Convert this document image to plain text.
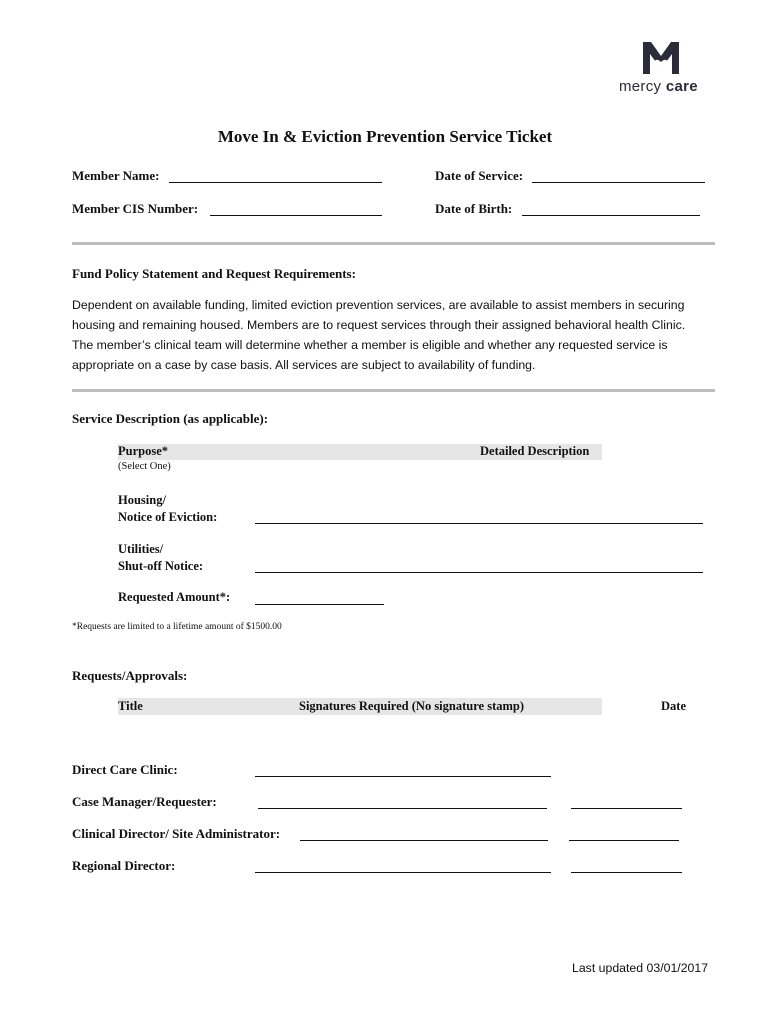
mercy care
Move In & Eviction Prevention Service Ticket
Member Name:	Date of Service:
Member CIS Number:	Date of Birth:
Fund Policy Statement and Request Requirements:
Dependent on available funding, limited eviction prevention services, are available to assist members in securing
housing and remaining housed. Members are to request services through their assigned behavioral health Clinic.
The member’s clinical team will determine whether a member is eligible and whether any requested service is
appropriate on a case by case basis. All services are subject to availability of funding.
Service Description (as applicable):
Purpose*
(Select One)
Detailed Description
Housing/
Notice of Eviction:
Utilities/
Shut-off Notice:
Requested Amount*:
*Requests are limited to a lifetime amount of $1500.00
Requests/Approvals:
Title	Signatures Required (No signature stamp)	Date
Direct Care Clinic:
Case Manager/Requester:
Clinical Director/ Site Administrator:
Regional Director:
Last updated 03/01/2017
